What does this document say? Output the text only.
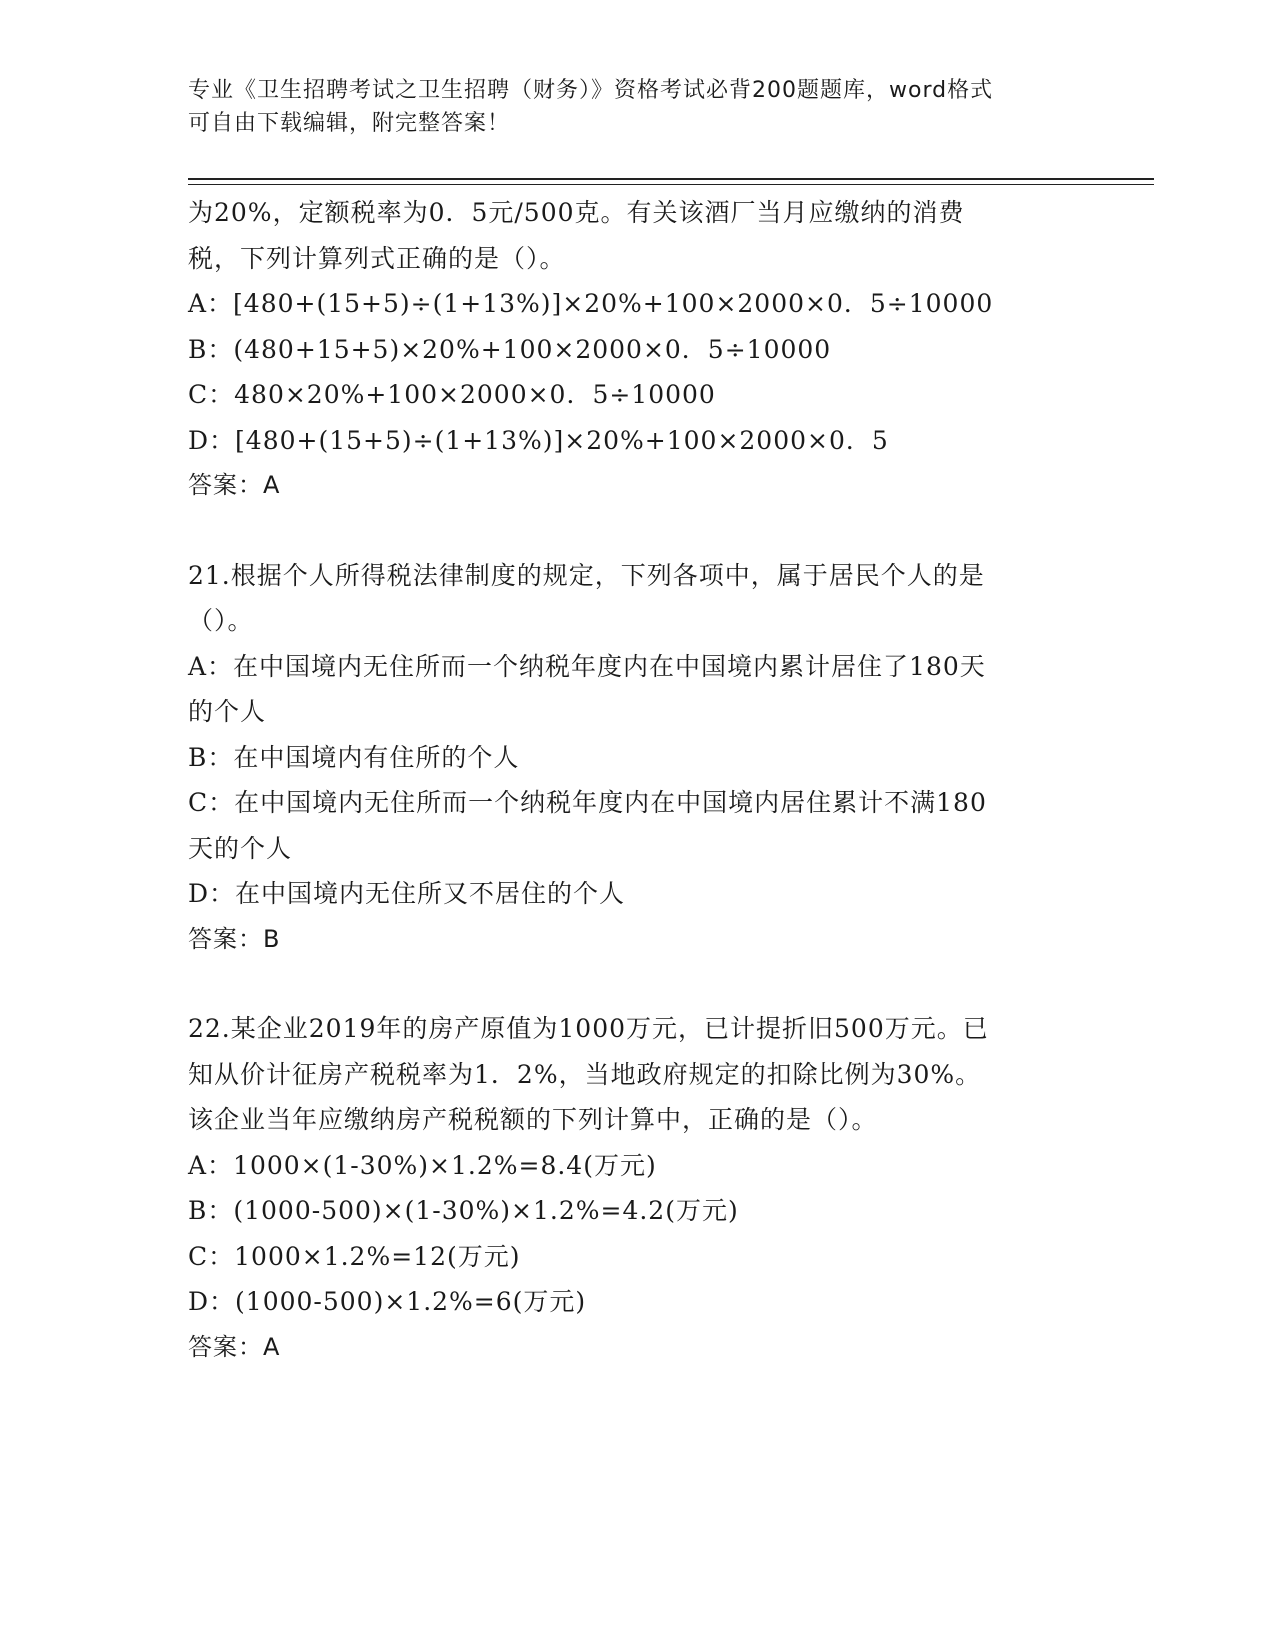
专业《卫生招聘考试之卫生招聘（财务）》资格考试必背200题题库，word格式
可自由下载编辑，附完整答案！
为20%，定额税率为0．5元/500克。有关该酒厂当月应缴纳的消费
税，下列计算列式正确的是（）。
A：[480+(15+5)÷(1+13%)]×20%+100×2000×0．5÷10000
B：(480+15+5)×20%+100×2000×0．5÷10000
C：480×20%+100×2000×0．5÷10000
D：[480+(15+5)÷(1+13%)]×20%+100×2000×0．5
答案：A
21.根据个人所得税法律制度的规定，下列各项中，属于居民个人的是
（）。
A：在中国境内无住所而一个纳税年度内在中国境内累计居住了180天
的个人
B：在中国境内有住所的个人
C：在中国境内无住所而一个纳税年度内在中国境内居住累计不满180
天的个人
D：在中国境内无住所又不居住的个人
答案：B
22.某企业2019年的房产原值为1000万元，已计提折旧500万元。已
知从价计征房产税税率为1．2%，当地政府规定的扣除比例为30%。
该企业当年应缴纳房产税税额的下列计算中，正确的是（）。
A：1000×(1-30%)×1.2%=8.4(万元)
B：(1000-500)×(1-30%)×1.2%=4.2(万元)
C：1000×1.2%=12(万元)
D：(1000-500)×1.2%=6(万元)
答案：A
